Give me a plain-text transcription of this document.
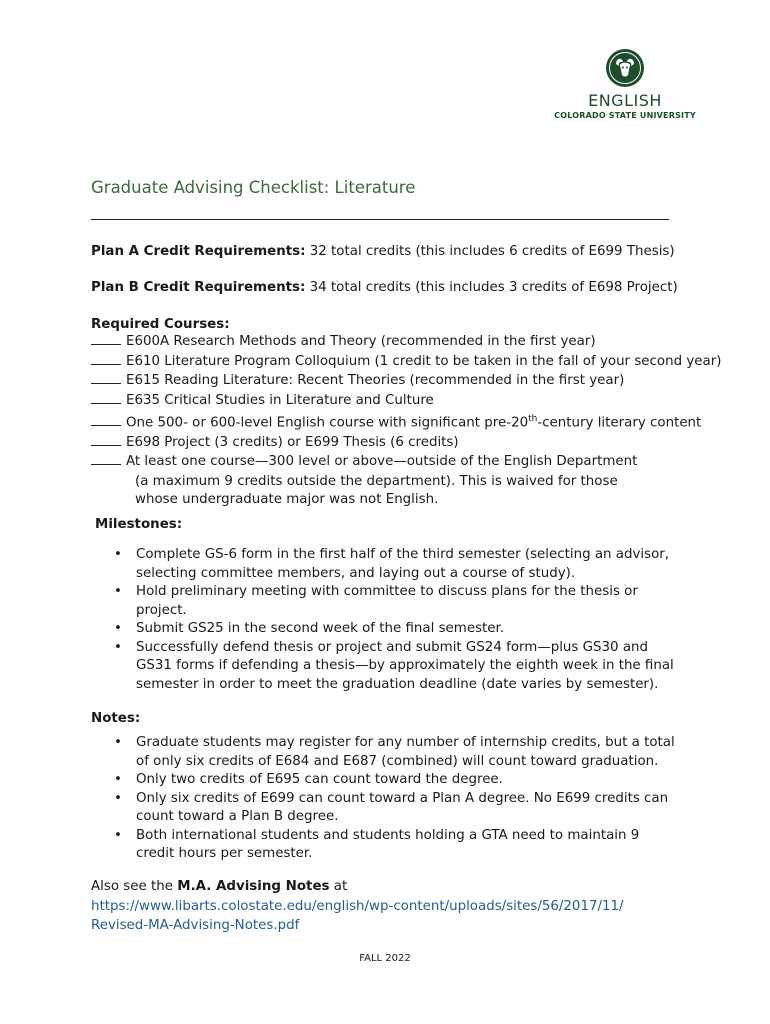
ENGLISH
COLORADO STATE UNIVERSITY
Graduate Advising Checklist: Literature
Plan A Credit Requirements: 32 total credits (this includes 6 credits of E699 Thesis)
Plan B Credit Requirements: 34 total credits (this includes 3 credits of E698 Project)
Required Courses:
E600A Research Methods and Theory (recommended in the first year)
E610 Literature Program Colloquium (1 credit to be taken in the fall of your second year)
E615 Reading Literature: Recent Theories (recommended in the first year)
E635 Critical Studies in Literature and Culture
One 500- or 600-level English course with significant pre-20th-century literary content
E698 Project (3 credits) or E699 Thesis (6 credits)
At least one course—300 level or above—outside of the English Department
(a maximum 9 credits outside the department). This is waived for those
whose undergraduate major was not English.
Milestones:
• Complete GS-6 form in the first half of the third semester (selecting an advisor,
selecting committee members, and laying out a course of study).
• Hold preliminary meeting with committee to discuss plans for the thesis or
project.
• Submit GS25 in the second week of the final semester.
• Successfully defend thesis or project and submit GS24 form—plus GS30 and
GS31 forms if defending a thesis—by approximately the eighth week in the final
semester in order to meet the graduation deadline (date varies by semester).
Notes:
• Graduate students may register for any number of internship credits, but a total
of only six credits of E684 and E687 (combined) will count toward graduation.
• Only two credits of E695 can count toward the degree.
• Only six credits of E699 can count toward a Plan A degree. No E699 credits can
count toward a Plan B degree.
• Both international students and students holding a GTA need to maintain 9
credit hours per semester.
Also see the M.A. Advising Notes at
https://www.libarts.colostate.edu/english/wp-content/uploads/sites/56/2017/11/
Revised-MA-Advising-Notes.pdf
FALL 2022
